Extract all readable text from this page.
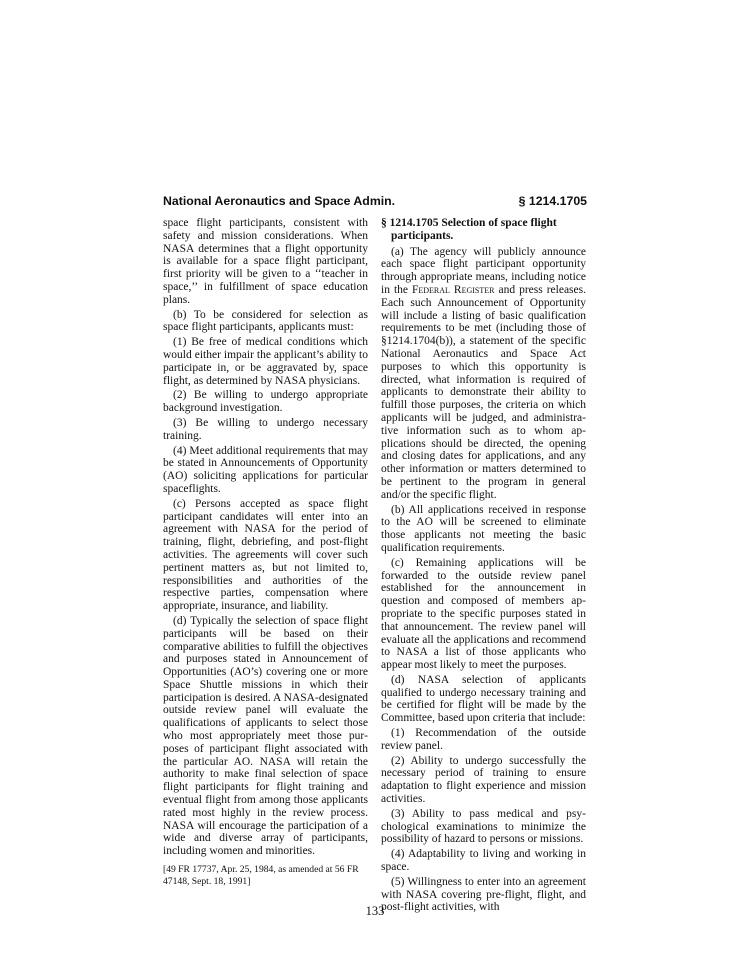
National Aeronautics and Space Admin.	§ 1214.1705

space flight participants, consistent with safety and mission considerations. When NASA determines that a flight opportunity is available for a space flight participant, first priority will be given to a ‘‘teacher in space,’’ in fulfillment of space education plans.

(b) To be considered for selection as space flight participants, applicants must:

(1) Be free of medical conditions which would either impair the applicant’s ability to participate in, or be aggravated by, space flight, as determined by NASA physicians.

(2) Be willing to undergo appropriate background investigation.

(3) Be willing to undergo necessary training.

(4) Meet additional requirements that may be stated in Announcements of Opportunity (AO) soliciting applications for particular spaceflights.

(c) Persons accepted as space flight participant candidates will enter into an agreement with NASA for the period of training, flight, debriefing, and post-flight activities. The agreements will cover such pertinent matters as, but not limited to, responsibilities and authorities of the respective parties, compensation where appropriate, insurance, and liability.

(d) Typically the selection of space flight participants will be based on their comparative abilities to fulfill the objectives and purposes stated in Announcement of Opportunities (AO’s) covering one or more Space Shuttle missions in which their participation is desired. A NASA-designated outside review panel will evaluate the qualifications of applicants to select those who most appropriately meet those purposes of participant flight associated with the particular AO. NASA will retain the authority to make final selection of space flight participants for flight training and eventual flight from among those applicants rated most highly in the review process. NASA will encourage the participation of a wide and diverse array of participants, including women and minorities.

[49 FR 17737, Apr. 25, 1984, as amended at 56 FR 47148, Sept. 18, 1991]
§ 1214.1705 Selection of space flight participants.

(a) The agency will publicly announce each space flight participant opportunity through appropriate means, including notice in the Federal Register and press releases. Each such Announcement of Opportunity will include a listing of basic qualification requirements to be met (including those of §1214.1704(b)), a statement of the specific National Aeronautics and Space Act purposes to which this opportunity is directed, what information is required of applicants to demonstrate their ability to fulfill those purposes, the criteria on which applicants will be judged, and administrative information such as to whom applications should be directed, the opening and closing dates for applications, and any other information or matters determined to be pertinent to the program in general and/or the specific flight.

(b) All applications received in response to the AO will be screened to eliminate those applicants not meeting the basic qualification requirements.

(c) Remaining applications will be forwarded to the outside review panel established for the announcement in question and composed of members appropriate to the specific purposes stated in that announcement. The review panel will evaluate all the applications and recommend to NASA a list of those applicants who appear most likely to meet the purposes.

(d) NASA selection of applicants qualified to undergo necessary training and be certified for flight will be made by the Committee, based upon criteria that include:

(1) Recommendation of the outside review panel.

(2) Ability to undergo successfully the necessary period of training to ensure adaptation to flight experience and mission activities.

(3) Ability to pass medical and psychological examinations to minimize the possibility of hazard to persons or missions.

(4) Adaptability to living and working in space.

(5) Willingness to enter into an agreement with NASA covering pre-flight, flight, and post-flight activities, with

133
